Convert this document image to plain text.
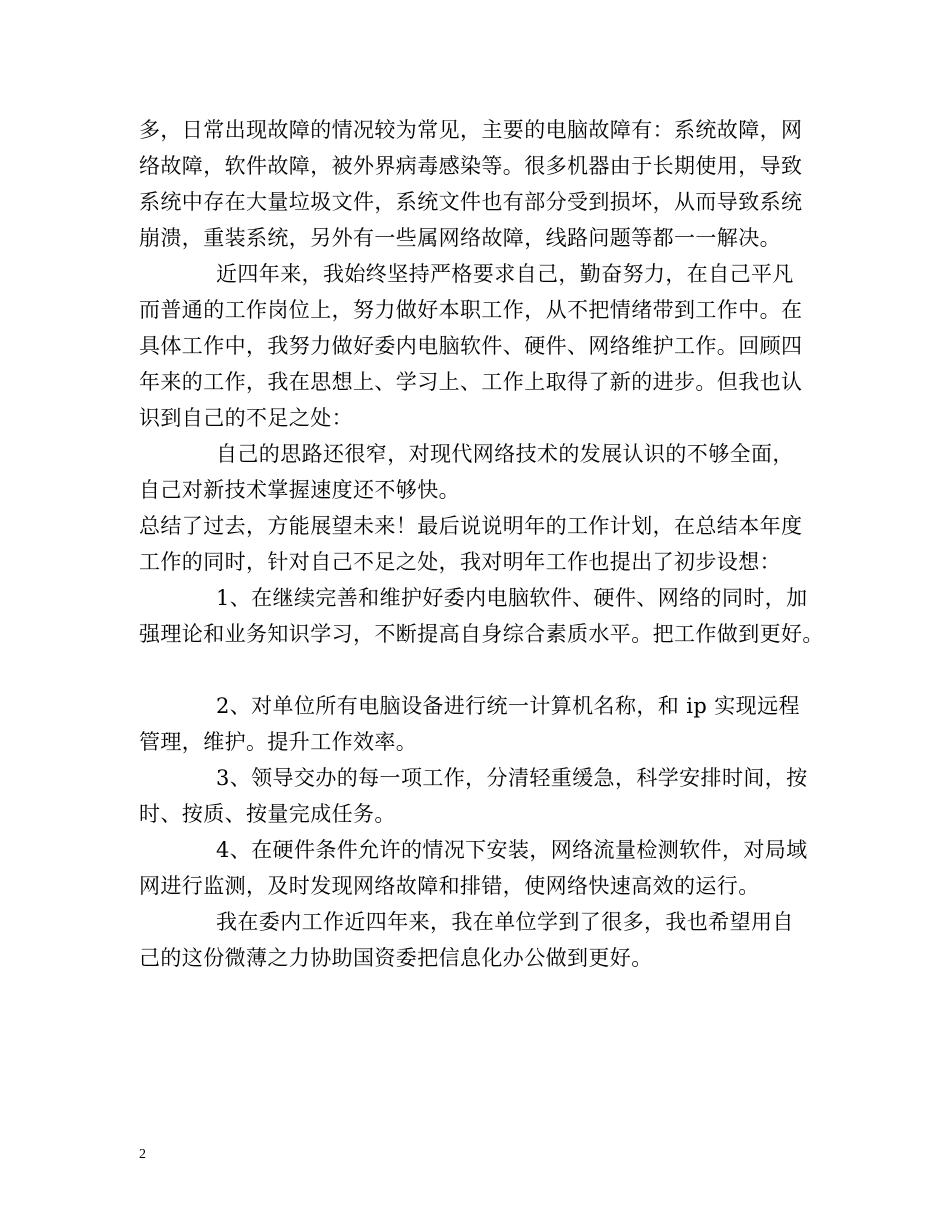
多，日常出现故障的情况较为常见，主要的电脑故障有：系统故障，网
络故障，软件故障，被外界病毒感染等。很多机器由于长期使用，导致
系统中存在大量垃圾文件，系统文件也有部分受到损坏，从而导致系统
崩溃，重装系统，另外有一些属网络故障，线路问题等都一一解决。
近四年来，我始终坚持严格要求自己，勤奋努力，在自己平凡
而普通的工作岗位上，努力做好本职工作，从不把情绪带到工作中。在
具体工作中，我努力做好委内电脑软件、硬件、网络维护工作。回顾四
年来的工作，我在思想上、学习上、工作上取得了新的进步。但我也认
识到自己的不足之处：
自己的思路还很窄，对现代网络技术的发展认识的不够全面，
自己对新技术掌握速度还不够快。
总结了过去，方能展望未来！最后说说明年的工作计划，在总结本年度
工作的同时，针对自己不足之处，我对明年工作也提出了初步设想：
1、在继续完善和维护好委内电脑软件、硬件、网络的同时，加
强理论和业务知识学习，不断提高自身综合素质水平。把工作做到更好。
2、对单位所有电脑设备进行统一计算机名称，和 ip 实现远程
管理，维护。提升工作效率。
3、领导交办的每一项工作，分清轻重缓急，科学安排时间，按
时、按质、按量完成任务。
4、在硬件条件允许的情况下安装，网络流量检测软件，对局域
网进行监测，及时发现网络故障和排错，使网络快速高效的运行。
我在委内工作近四年来，我在单位学到了很多，我也希望用自
己的这份微薄之力协助国资委把信息化办公做到更好。
2
